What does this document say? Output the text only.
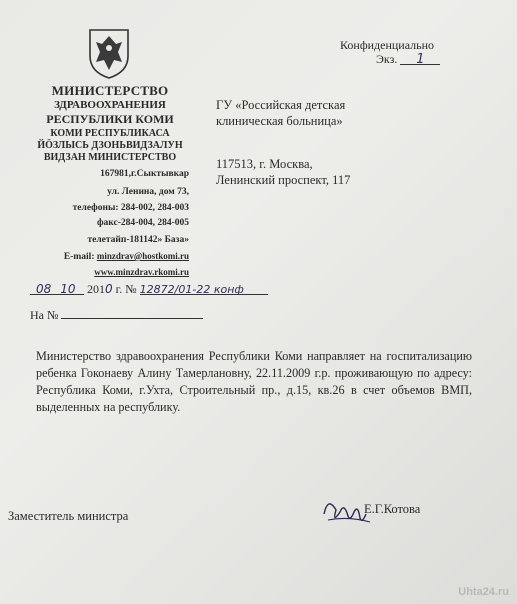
МИНИСТЕРСТВО
ЗДРАВООХРАНЕНИЯ
РЕСПУБЛИКИ КОМИ
КОМИ РЕСПУБЛИКАСА
ЙӦЗЛЫСЬ ДЗОНЬВИДЗАЛУН
ВИДЗАН МИНИСТЕРСТВО
167981,г.Сыктывкар
ул. Ленина, дом 73,
телефоны: 284-002, 284-003
факс-284-004, 284-005
телетайп-181142» База»
E-mail: minzdrav@hostkomi.ru
www.minzdrav.rkomi.ru
Конфиденциально
Экз. 1
ГУ «Российская детская
клиническая больница»
117513, г. Москва,
Ленинский проспект, 117
08 10 2010 г. № 12872/01-22 конф
На №
Министерство здравоохранения Республики Коми направляет на госпитализацию ребенка Гоконаеву Алину Тамерлановну, 22.11.2009 г.р. проживающую по адресу: Республика Коми, г.Ухта, Строительный пр., д.15, кв.26 в счет объемов ВМП, выделенных на республику.
Заместитель министра	Е.Г.Котова
Uhta24.ru
